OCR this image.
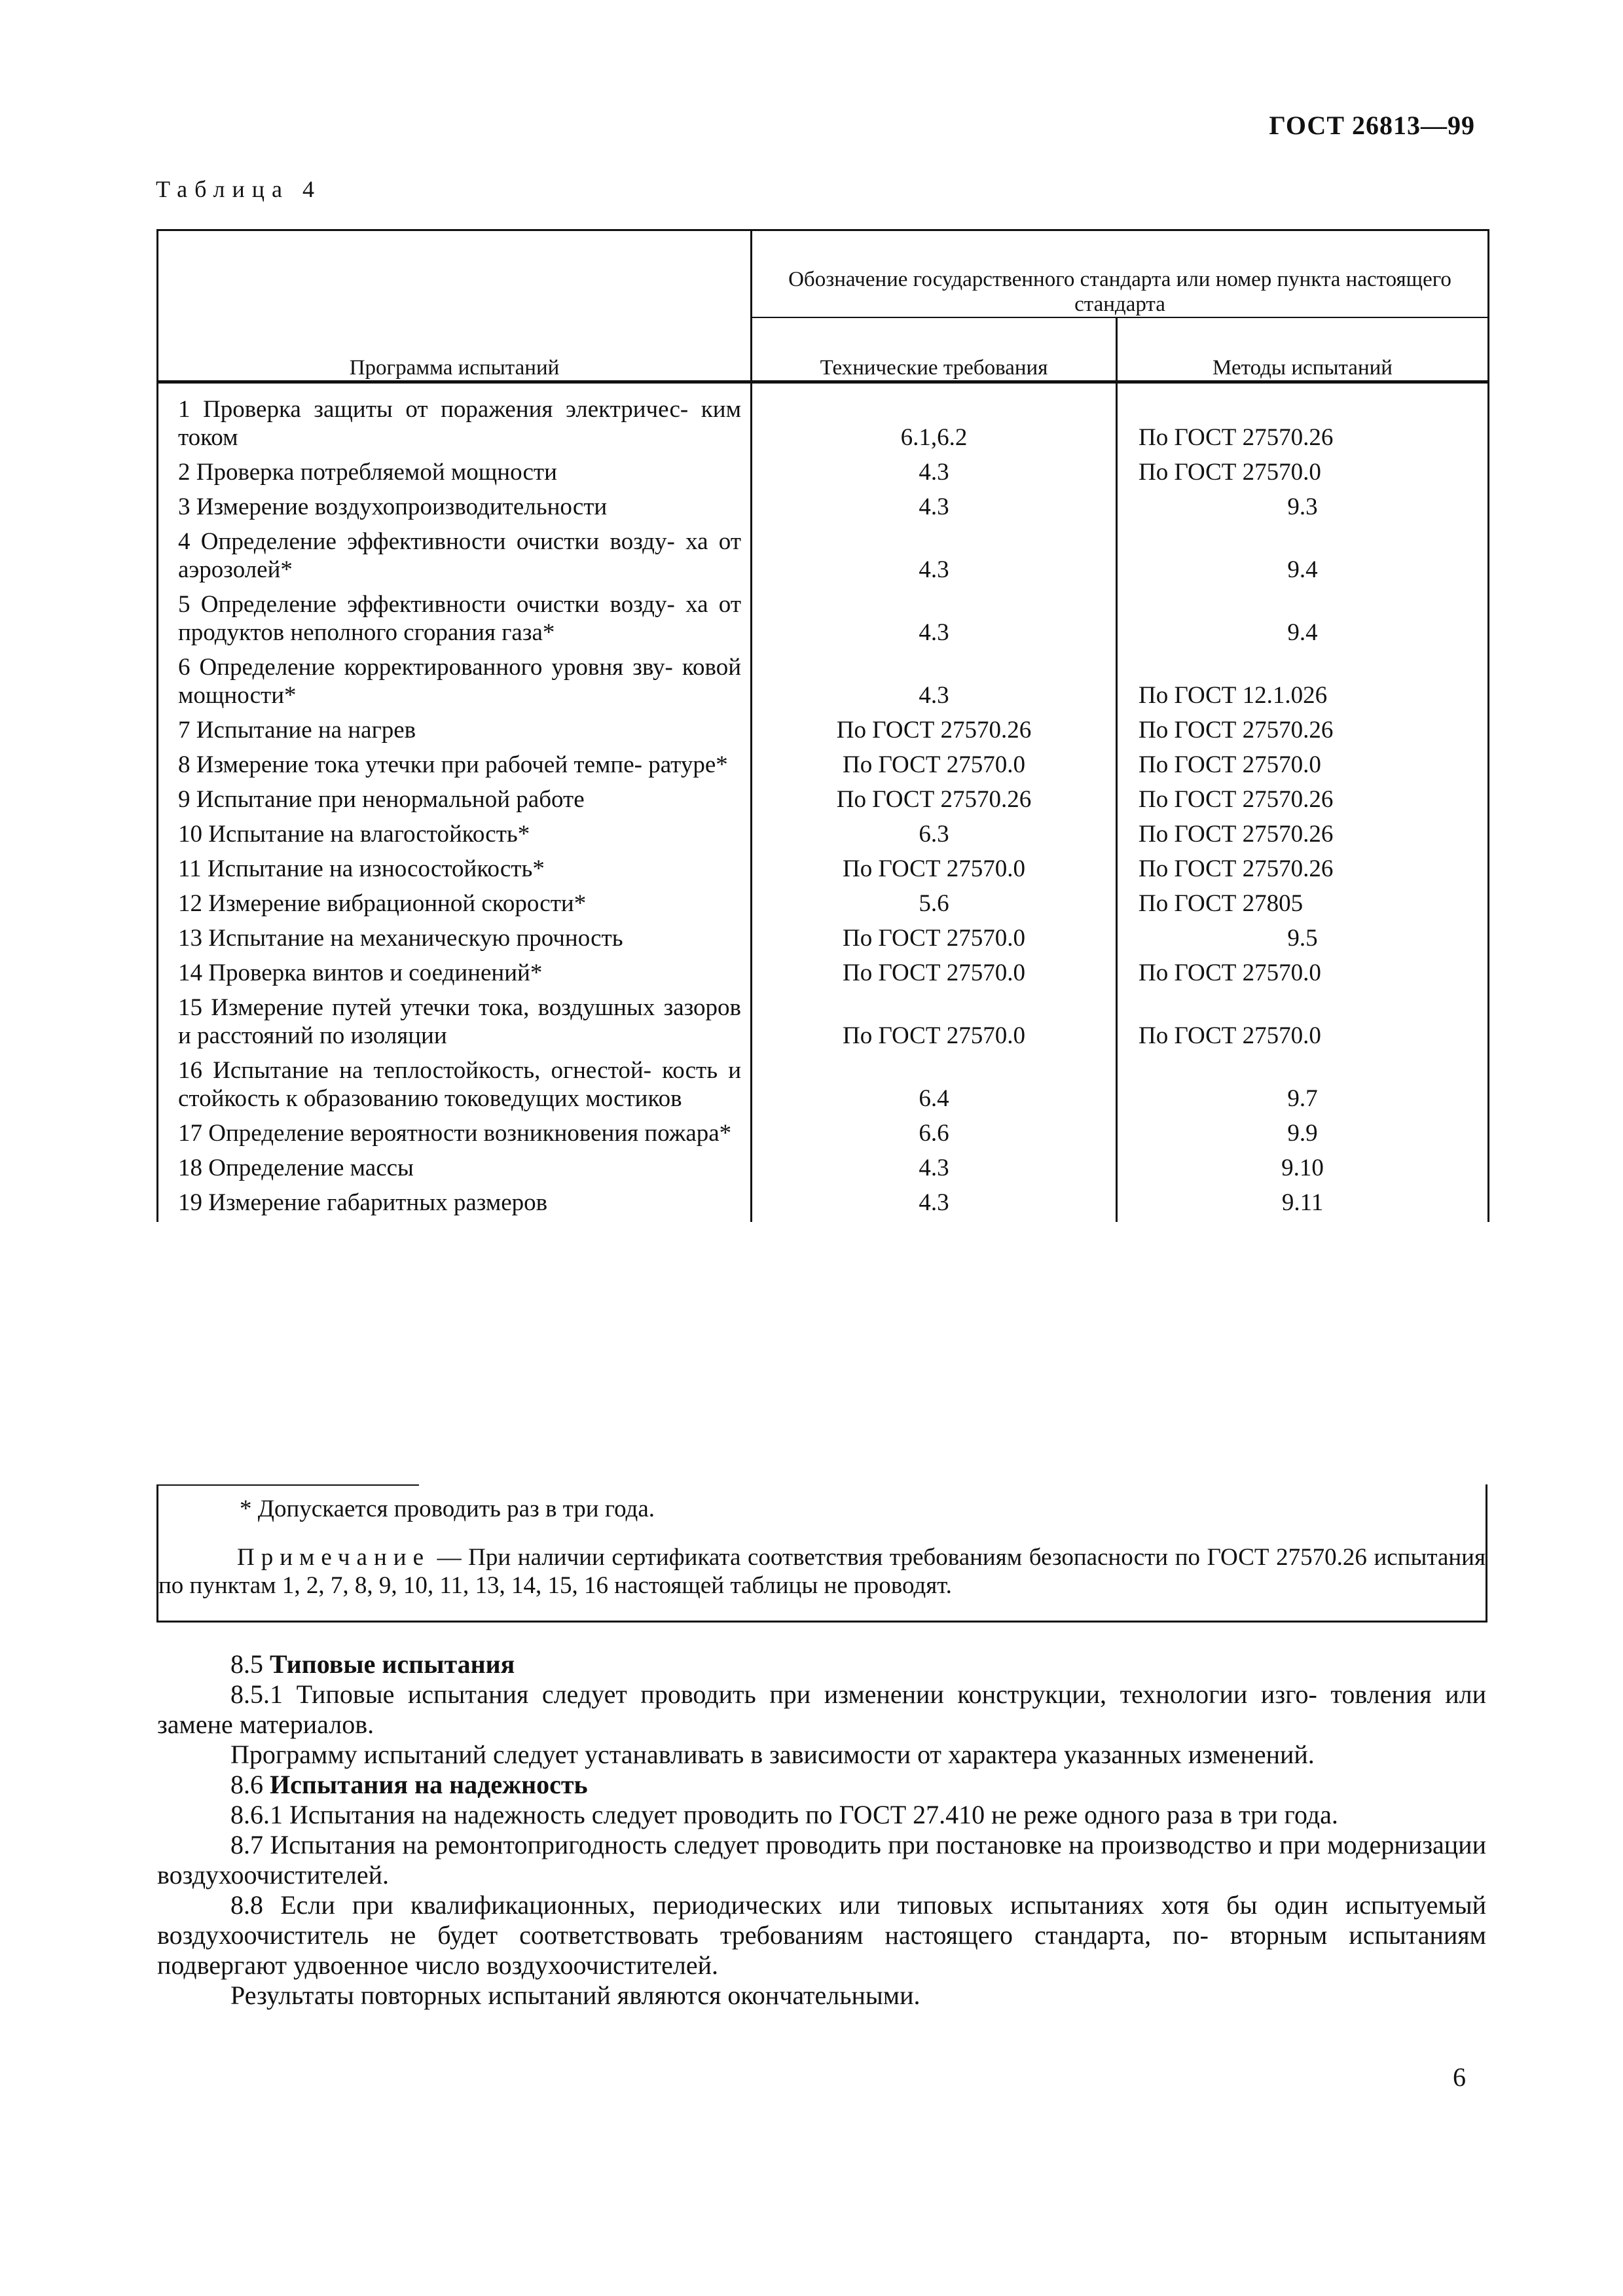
ГОСТ 26813—99
Таблица 4
Программа испытаний	Обозначение государственного стандарта или номер пункта настоящего стандарта	
	Технические требования	Методы испытаний
1 Проверка защиты от поражения электричес- ким током	6.1,6.2	По ГОСТ 27570.26
2 Проверка потребляемой мощности	4.3	По ГОСТ 27570.0
3 Измерение воздухопроизводительности	4.3	9.3
4 Определение эффективности очистки возду- ха от аэрозолей*	4.3	9.4
5 Определение эффективности очистки возду- ха от продуктов неполного сгорания газа*	4.3	9.4
6 Определение корректированного уровня зву- ковой мощности*	4.3	По ГОСТ 12.1.026
7 Испытание на нагрев	По ГОСТ 27570.26	По ГОСТ 27570.26
8 Измерение тока утечки при рабочей темпе- ратуре*	По ГОСТ 27570.0	По ГОСТ 27570.0
9 Испытание при ненормальной работе	По ГОСТ 27570.26	По ГОСТ 27570.26
10 Испытание на влагостойкость*	6.3	По ГОСТ 27570.26
11 Испытание на износостойкость*	По ГОСТ 27570.0	По ГОСТ 27570.26
12 Измерение вибрационной скорости*	5.6	По ГОСТ 27805
13 Испытание на механическую прочность	По ГОСТ 27570.0	9.5
14 Проверка винтов и соединений*	По ГОСТ 27570.0	По ГОСТ 27570.0
15 Измерение путей утечки тока, воздушных зазоров и расстояний по изоляции	По ГОСТ 27570.0	По ГОСТ 27570.0
16 Испытание на теплостойкость, огнестой- кость и стойкость к образованию токоведущих мостиков	6.4	9.7
17 Определение вероятности возникновения пожара*	6.6	9.9
18 Определение массы	4.3	9.10
19 Измерение габаритных размеров	4.3	9.11

* Допускается проводить раз в три года.
Примечание — При наличии сертификата соответствия требованиям безопасности по ГОСТ 27570.26 испытания по пунктам 1, 2, 7, 8, 9, 10, 11, 13, 14, 15, 16 настоящей таблицы не проводят.

8.5 Типовые испытания

8.5.1 Типовые испытания следует проводить при изменении конструкции, технологии изго- товления или замене материалов.

Программу испытаний следует устанавливать в зависимости от характера указанных изменений.

8.6 Испытания на надежность

8.6.1 Испытания на надежность следует проводить по ГОСТ 27.410 не реже одного раза в три года.

8.7 Испытания на ремонтопригодность следует проводить при постановке на производство и при модернизации воздухоочистителей.

8.8 Если при квалификационных, периодических или типовых испытаниях хотя бы один испытуемый воздухоочиститель не будет соответствовать требованиям настоящего стандарта, по- вторным испытаниям подвергают удвоенное число воздухоочистителей.

Результаты повторных испытаний являются окончательными.

6
